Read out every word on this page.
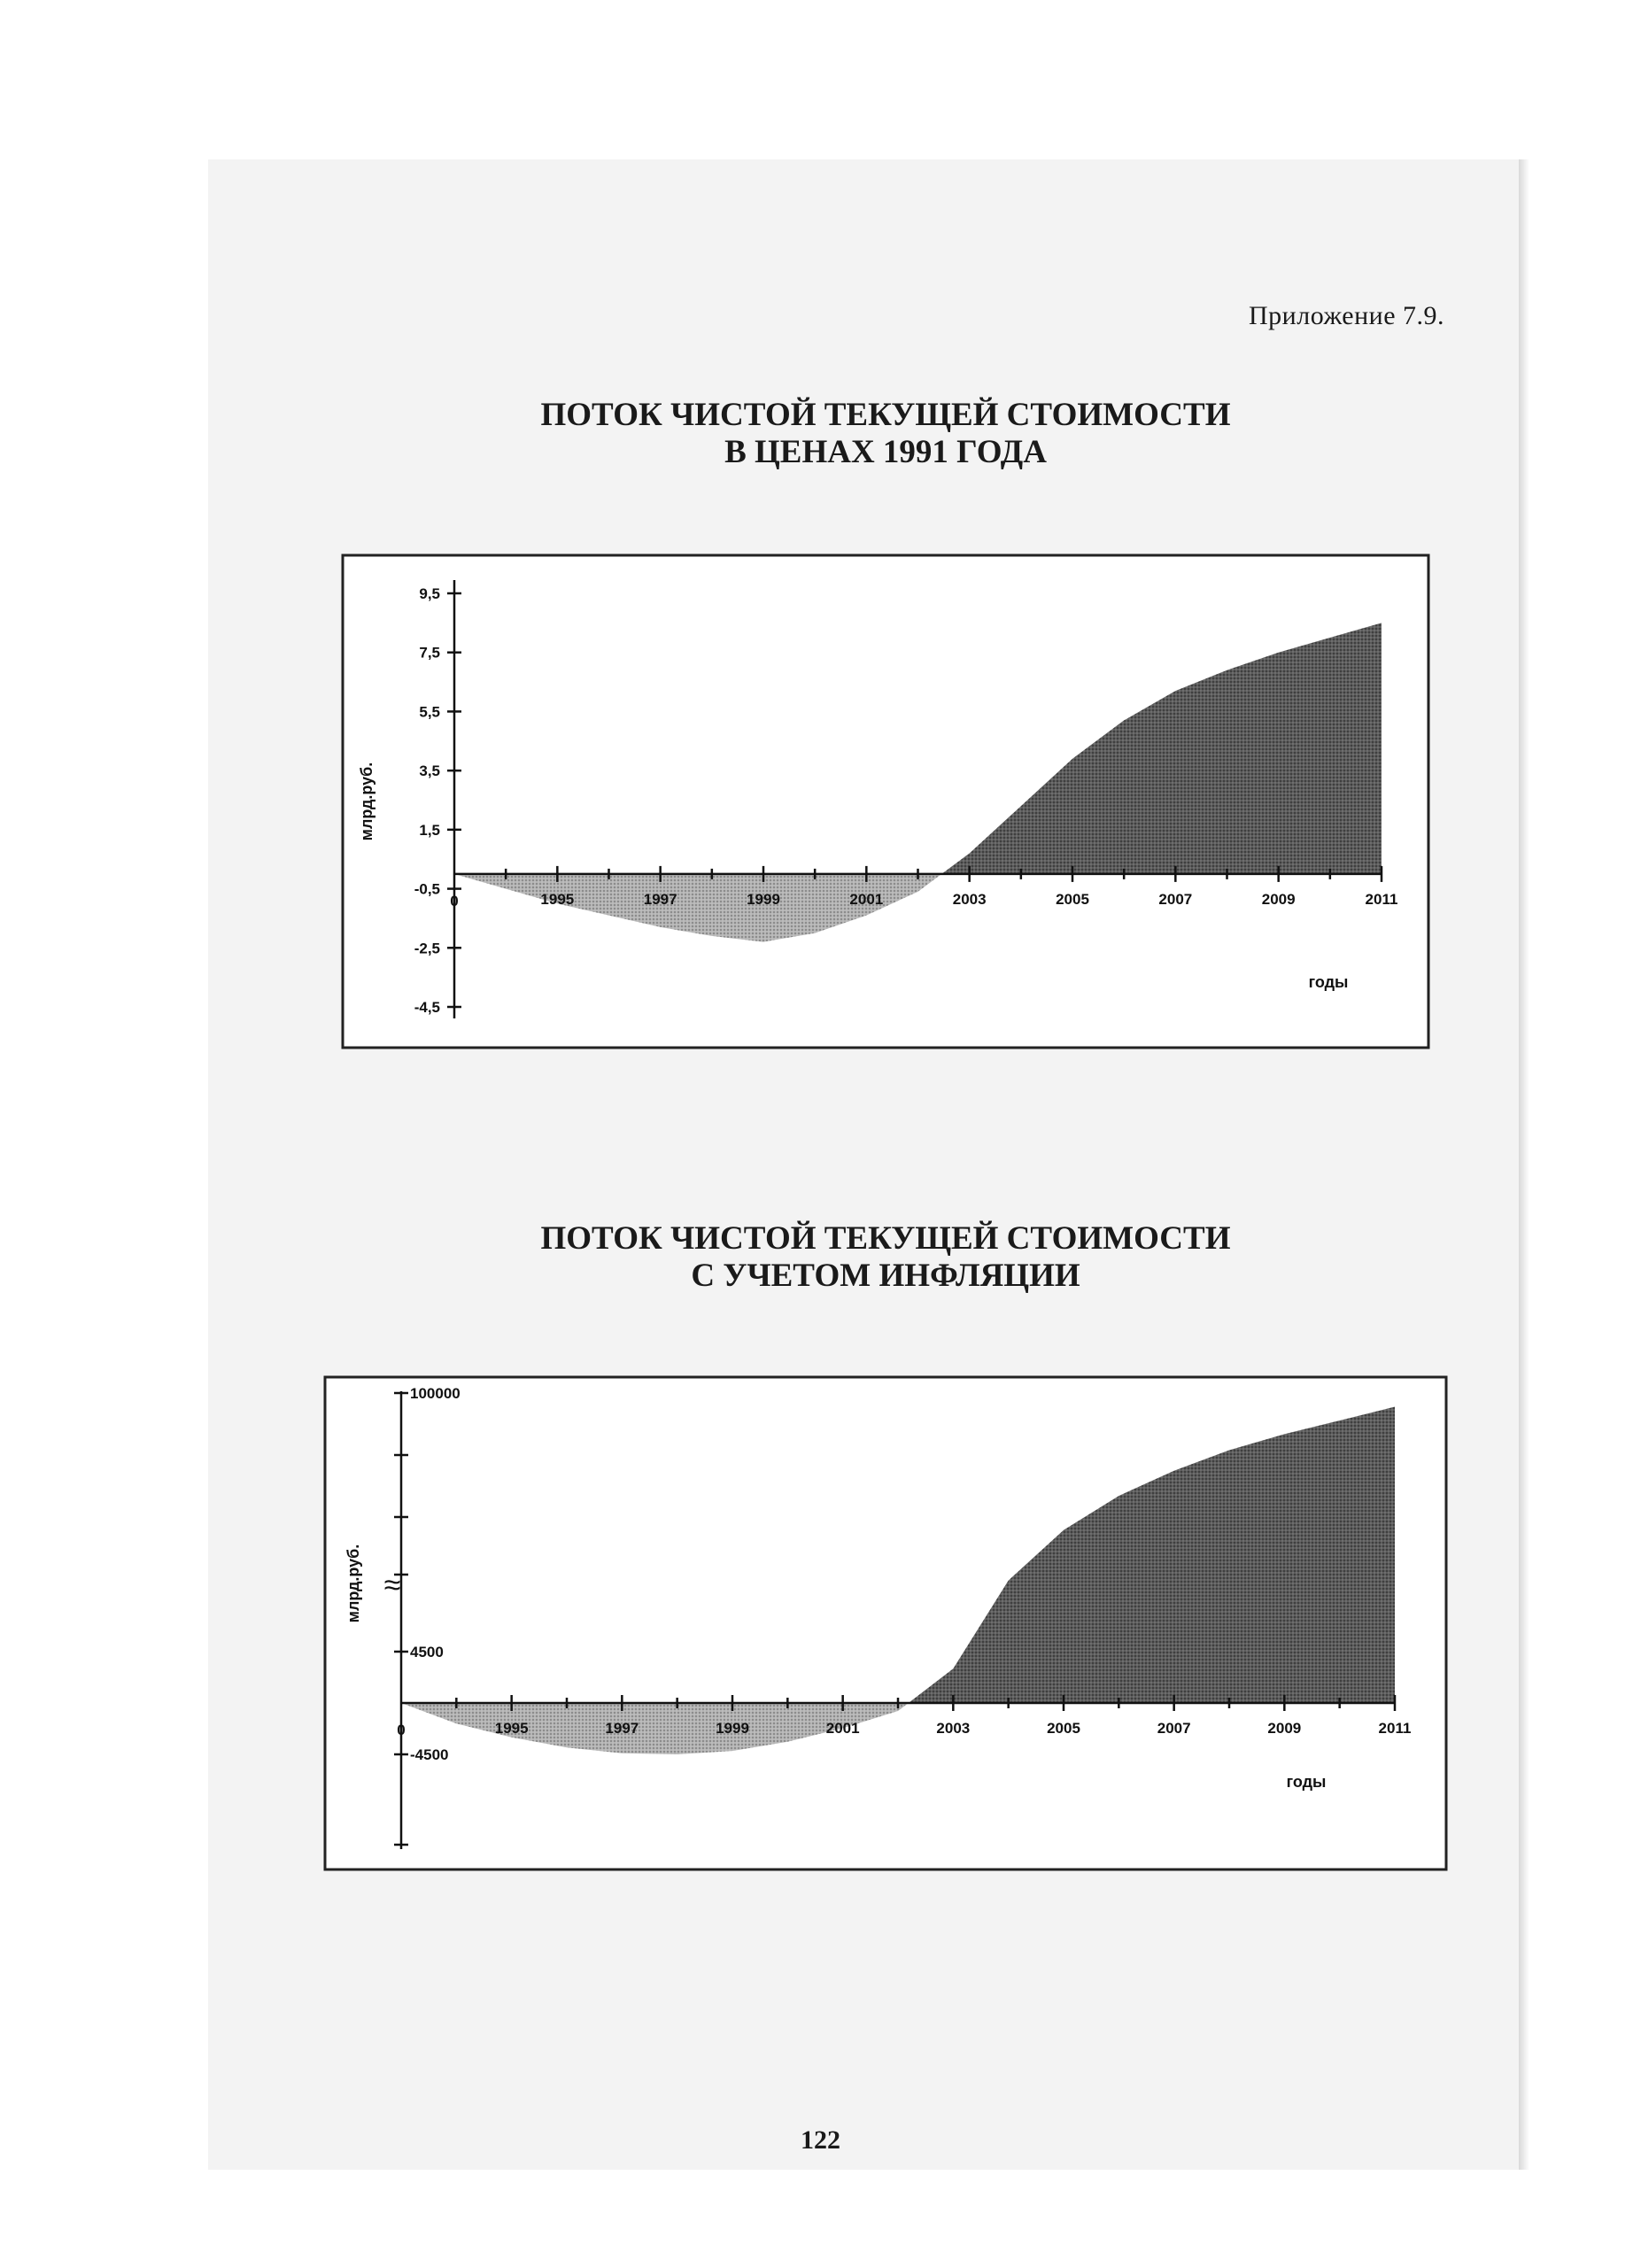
Приложение 7.9.
ПОТОК ЧИСТОЙ ТЕКУЩЕЙ СТОИМОСТИ
В ЦЕНАХ 1991 ГОДА
1995	1997	1999	2001	2003	2005	2007	2009	2011
0
9,5
7,5
5,5
3,5
1,5
-0,5
-2,5
-4,5
годы
млрд.руб.
ПОТОК ЧИСТОЙ ТЕКУЩЕЙ СТОИМОСТИ
С УЧЕТОМ ИНФЛЯЦИИ
1995	1997	1999	2001	2003	2005	2007	2009	2011
0
100000
4500
-4500
годы
млрд.руб. ≈
122
